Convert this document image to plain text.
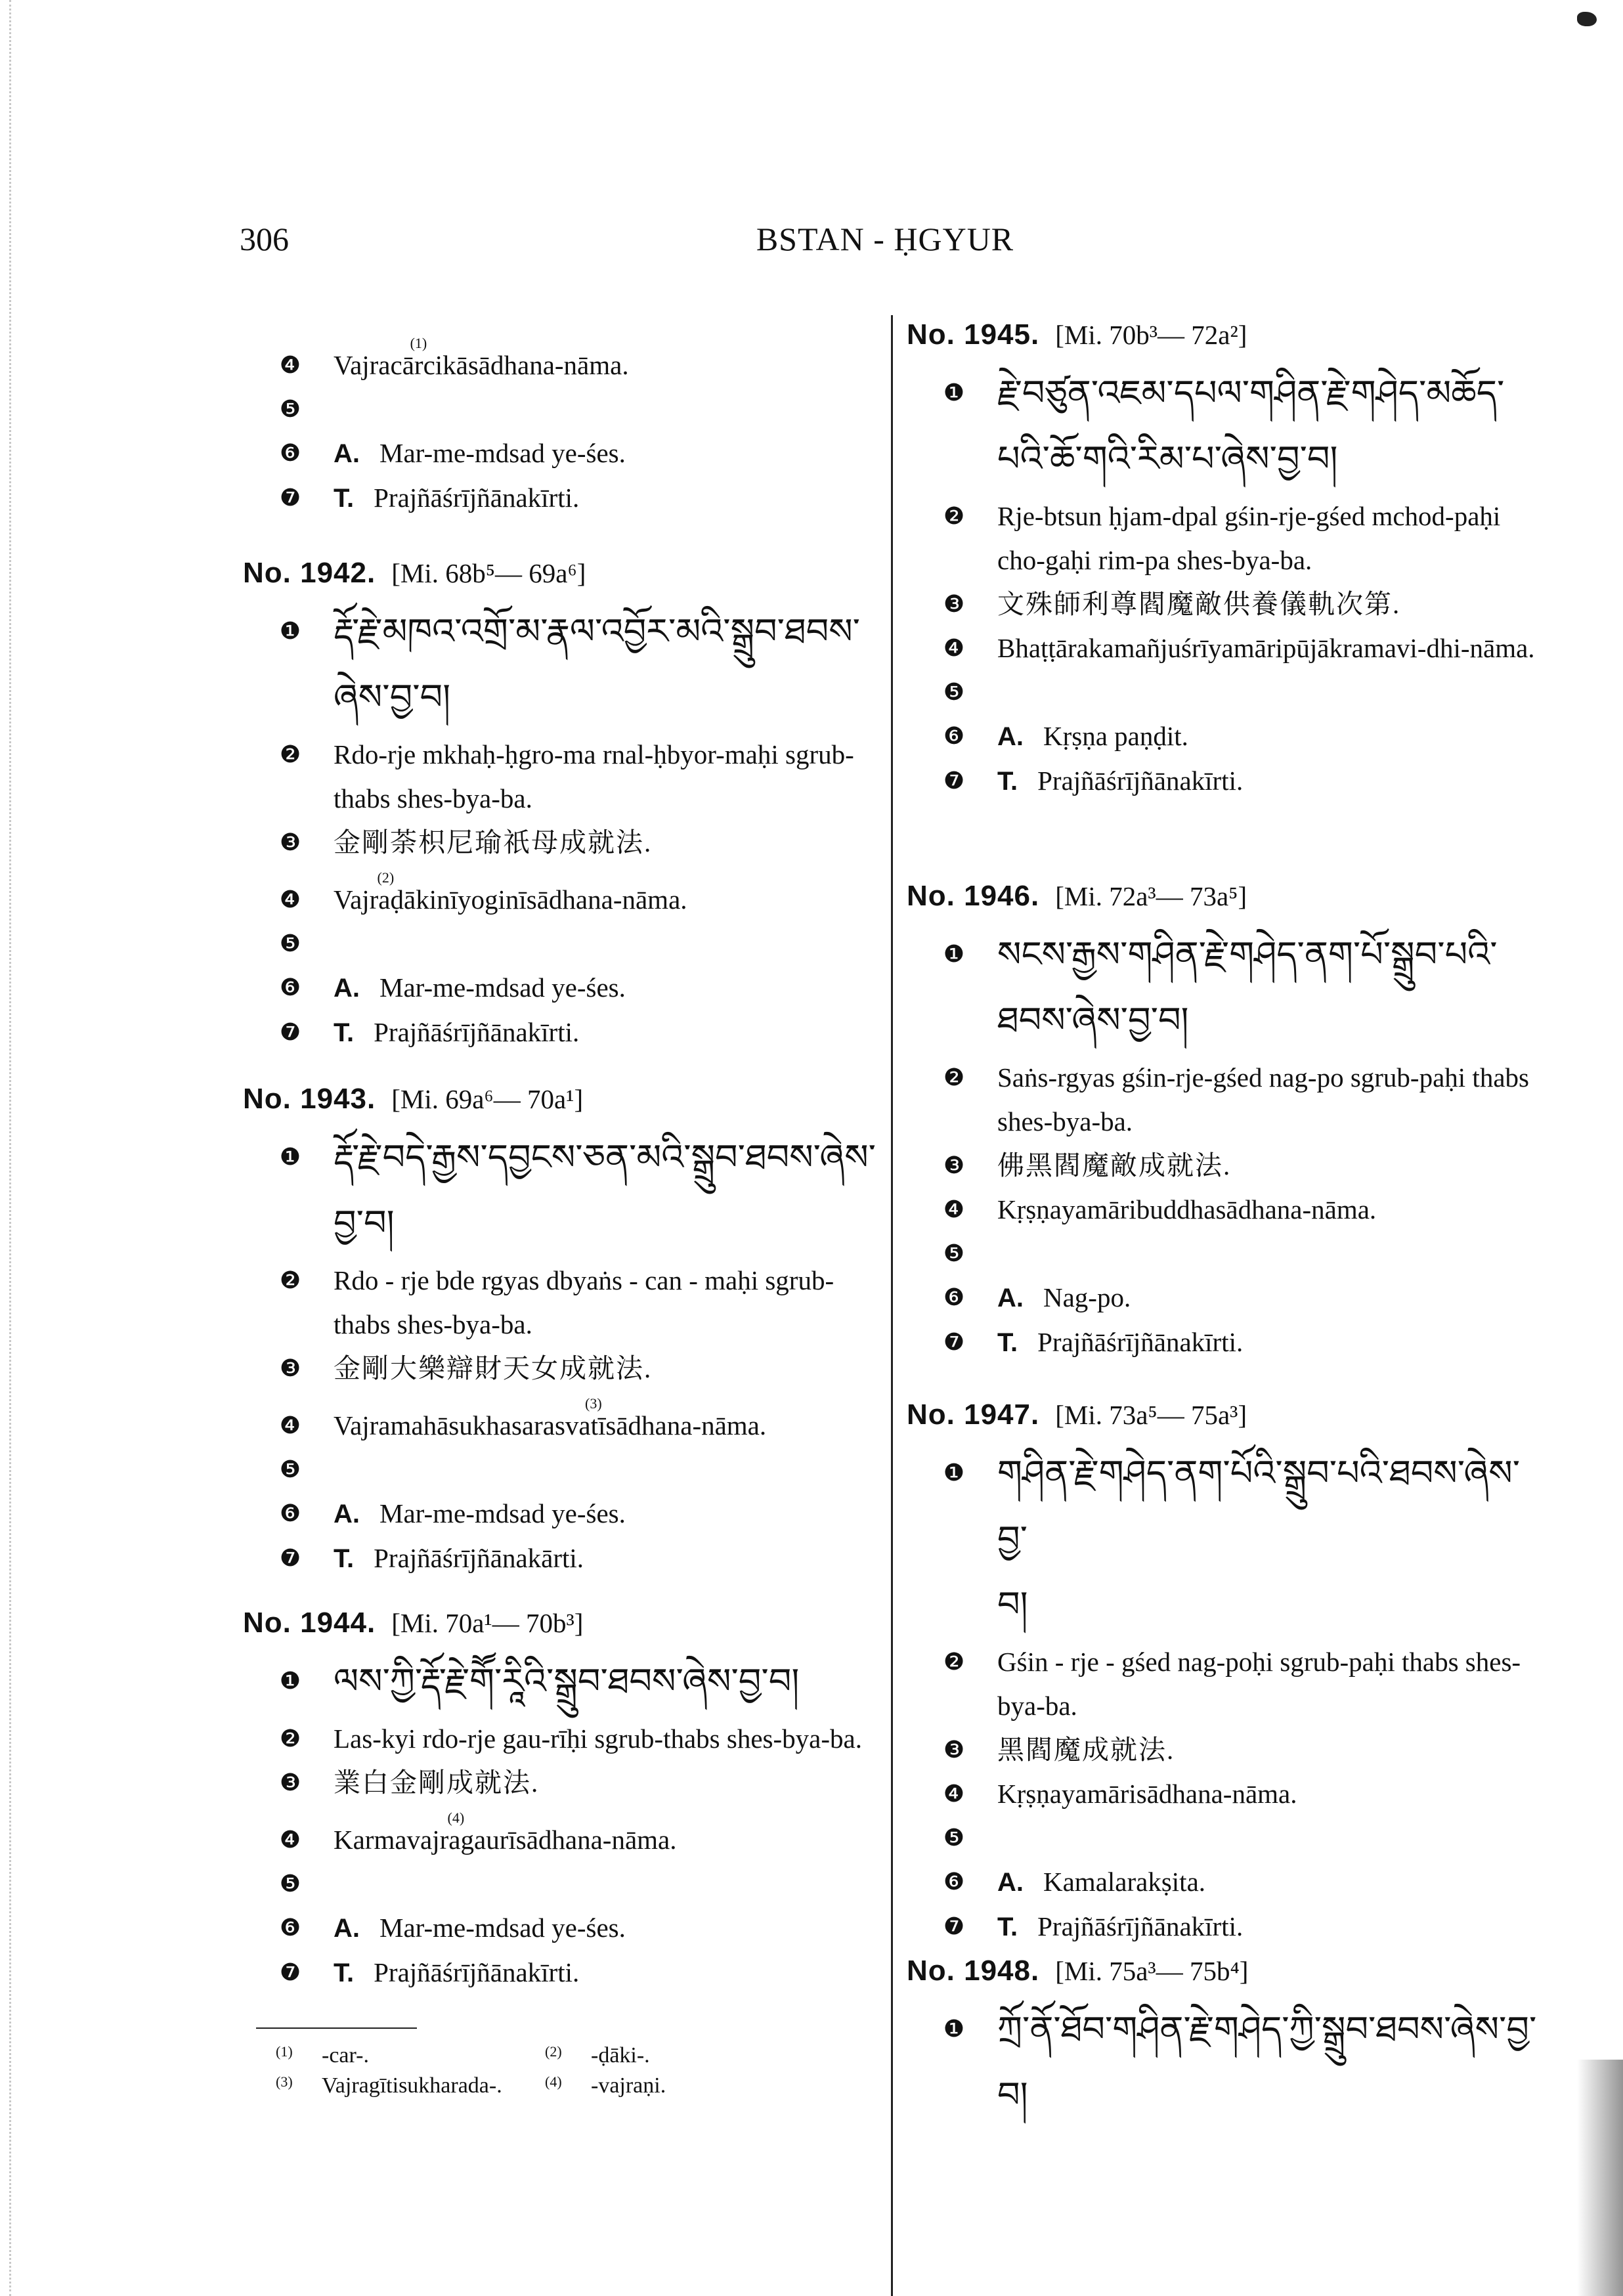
306	BSTAN - ḤGYUR
❹ Vajracār
(1)
cikāsādhana-nāma.
❺
❻ A. Mar-me-mdsad ye-śes.
❼ T. Prajñāśrījñānakīrti.
No. 1942. [Mi. 68b⁵— 69a⁶]
❶ རྡོ་རྗེ་མཁའ་འགྲོ་མ་རྣལ་འབྱོར་མའི་སྒྲུབ་ཐབས་
ཞེས་བྱ་བ།
❷ Rdo-rje mkhaḥ-ḥgro-ma rnal-ḥbyor-maḥi sgrub-thabs shes-bya-ba.
❸ 金剛荼枳尼瑜祇母成就法.
❹ Vajra
(2)
ḍākinīyoginīsādhana-nāma.
❺
❻ A. Mar-me-mdsad ye-śes.
❼ T. Prajñāśrījñānakīrti.
No. 1943. [Mi. 69a⁶— 70a¹]
❶ རྡོ་རྗེ་བདེ་རྒྱས་དབྱངས་ཅན་མའི་སྒྲུབ་ཐབས་ཞེས་
བྱ་བ།
❷ Rdo - rje bde rgyas dbyaṅs - can - maḥi sgrub-thabs shes-bya-ba.
❸ 金剛大樂辯財天女成就法.
❹ Vajramahāsukhasarasvat
(3)
īsādhana-nāma.
❺
❻ A. Mar-me-mdsad ye-śes.
❼ T. Prajñāśrījñānakārti.
No. 1944. [Mi. 70a¹— 70b³]
❶ ལས་ཀྱི་རྡོ་རྗེ་གཽ་རཱིའི་སྒྲུབ་ཐབས་ཞེས་བྱ་བ།
❷ Las-kyi rdo-rje gau-rīḥi sgrub-thabs shes-bya-ba.
❸ 業白金剛成就法.
❹ Karmavajra
(4)
gaurīsādhana-nāma.
❺
❻ A. Mar-me-mdsad ye-śes.
❼ T. Prajñāśrījñānakīrti.
(1) -car-.	(2) -ḍāki-.
(3) Vajragītisukharada-.	(4) -vajraṇi.
No. 1945. [Mi. 70b³— 72a²]
❶ རྗེ་བཙུན་འཇམ་དཔལ་གཤིན་རྗེ་གཤེད་མཆོད་
པའི་ཆོ་གའི་རིམ་པ་ཞེས་བྱ་བ།
❷ Rje-btsun ḥjam-dpal gśin-rje-gśed mchod-paḥi cho-gaḥi rim-pa shes-bya-ba.
❸ 文殊師利尊閻魔敵供養儀軌次第.
❹ Bhaṭṭārakamañjuśrīyamāripūjākramavi-dhi-nāma.
❺
❻ A. Kṛṣṇa paṇḍit.
❼ T. Prajñāśrījñānakīrti.
No. 1946. [Mi. 72a³— 73a⁵]
❶ སངས་རྒྱས་གཤིན་རྗེ་གཤེད་ནག་པོ་སྒྲུབ་པའི་
ཐབས་ཞེས་བྱ་བ།
❷ Saṅs-rgyas gśin-rje-gśed nag-po sgrub-paḥi thabs shes-bya-ba.
❸ 佛黑閻魔敵成就法.
❹ Kṛṣṇayamāribuddhasādhana-nāma.
❺
❻ A. Nag-po.
❼ T. Prajñāśrījñānakīrti.
No. 1947. [Mi. 73a⁵— 75a³]
❶ གཤིན་རྗེ་གཤེད་ནག་པོའི་སྒྲུབ་པའི་ཐབས་ཞེས་བྱ་
བ།
❷ Gśin - rje - gśed nag-poḥi sgrub-paḥi thabs shes-bya-ba.
❸ 黑閻魔成就法.
❹ Kṛṣṇayamārisādhana-nāma.
❺
❻ A. Kamalarakṣita.
❼ T. Prajñāśrījñānakīrti.
No. 1948. [Mi. 75a³— 75b⁴]
❶ ཀྲོ་ནོ་ཐོབ་གཤིན་རྗེ་གཤེད་ཀྱི་སྒྲུབ་ཐབས་ཞེས་བྱ་
བ།
